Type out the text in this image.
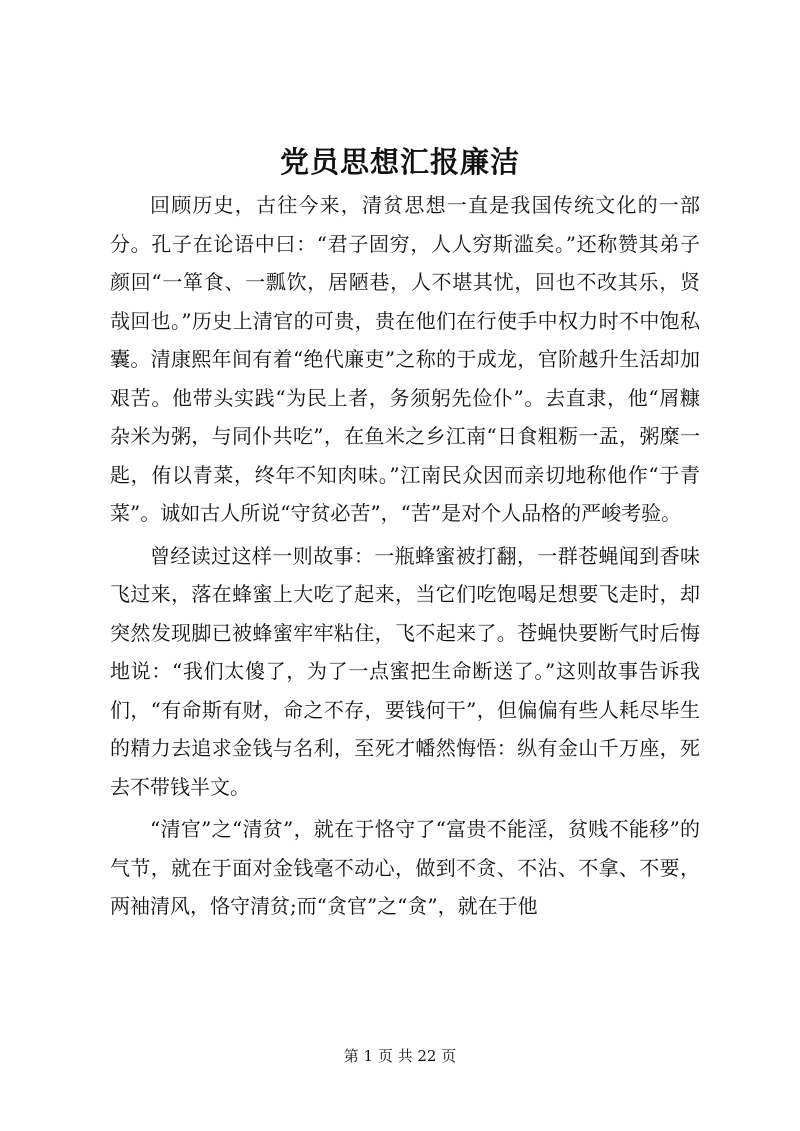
党员思想汇报廉洁

回顾历史，古往今来，清贫思想一直是我国传统文化的一部分。孔子在论语中曰：“君子固穷，人人穷斯滥矣。”还称赞其弟子颜回“一箪食、一瓢饮，居陋巷，人不堪其忧，回也不改其乐，贤哉回也。”历史上清官的可贵，贵在他们在行使手中权力时不中饱私囊。清康熙年间有着“绝代廉吏”之称的于成龙，官阶越升生活却加艰苦。他带头实践“为民上者，务须躬先俭仆”。去直隶，他“屑糠杂米为粥，与同仆共吃”，在鱼米之乡江南“日食粗粝一盂，粥糜一匙，侑以青菜，终年不知肉味。”江南民众因而亲切地称他作“于青菜”。诚如古人所说“守贫必苦”，“苦”是对个人品格的严峻考验。

曾经读过这样一则故事：一瓶蜂蜜被打翻，一群苍蝇闻到香味飞过来，落在蜂蜜上大吃了起来，当它们吃饱喝足想要飞走时，却突然发现脚已被蜂蜜牢牢粘住，飞不起来了。苍蝇快要断气时后悔地说：“我们太傻了，为了一点蜜把生命断送了。”这则故事告诉我们，“有命斯有财，命之不存，要钱何干”，但偏偏有些人耗尽毕生的精力去追求金钱与名利，至死才幡然悔悟：纵有金山千万座，死去不带钱半文。

“清官”之“清贫”，就在于恪守了“富贵不能淫，贫贱不能移”的气节，就在于面对金钱毫不动心，做到不贪、不沾、不拿、不要，两袖清风，恪守清贫;而“贪官”之“贪”，就在于他

第 1 页 共 22 页
